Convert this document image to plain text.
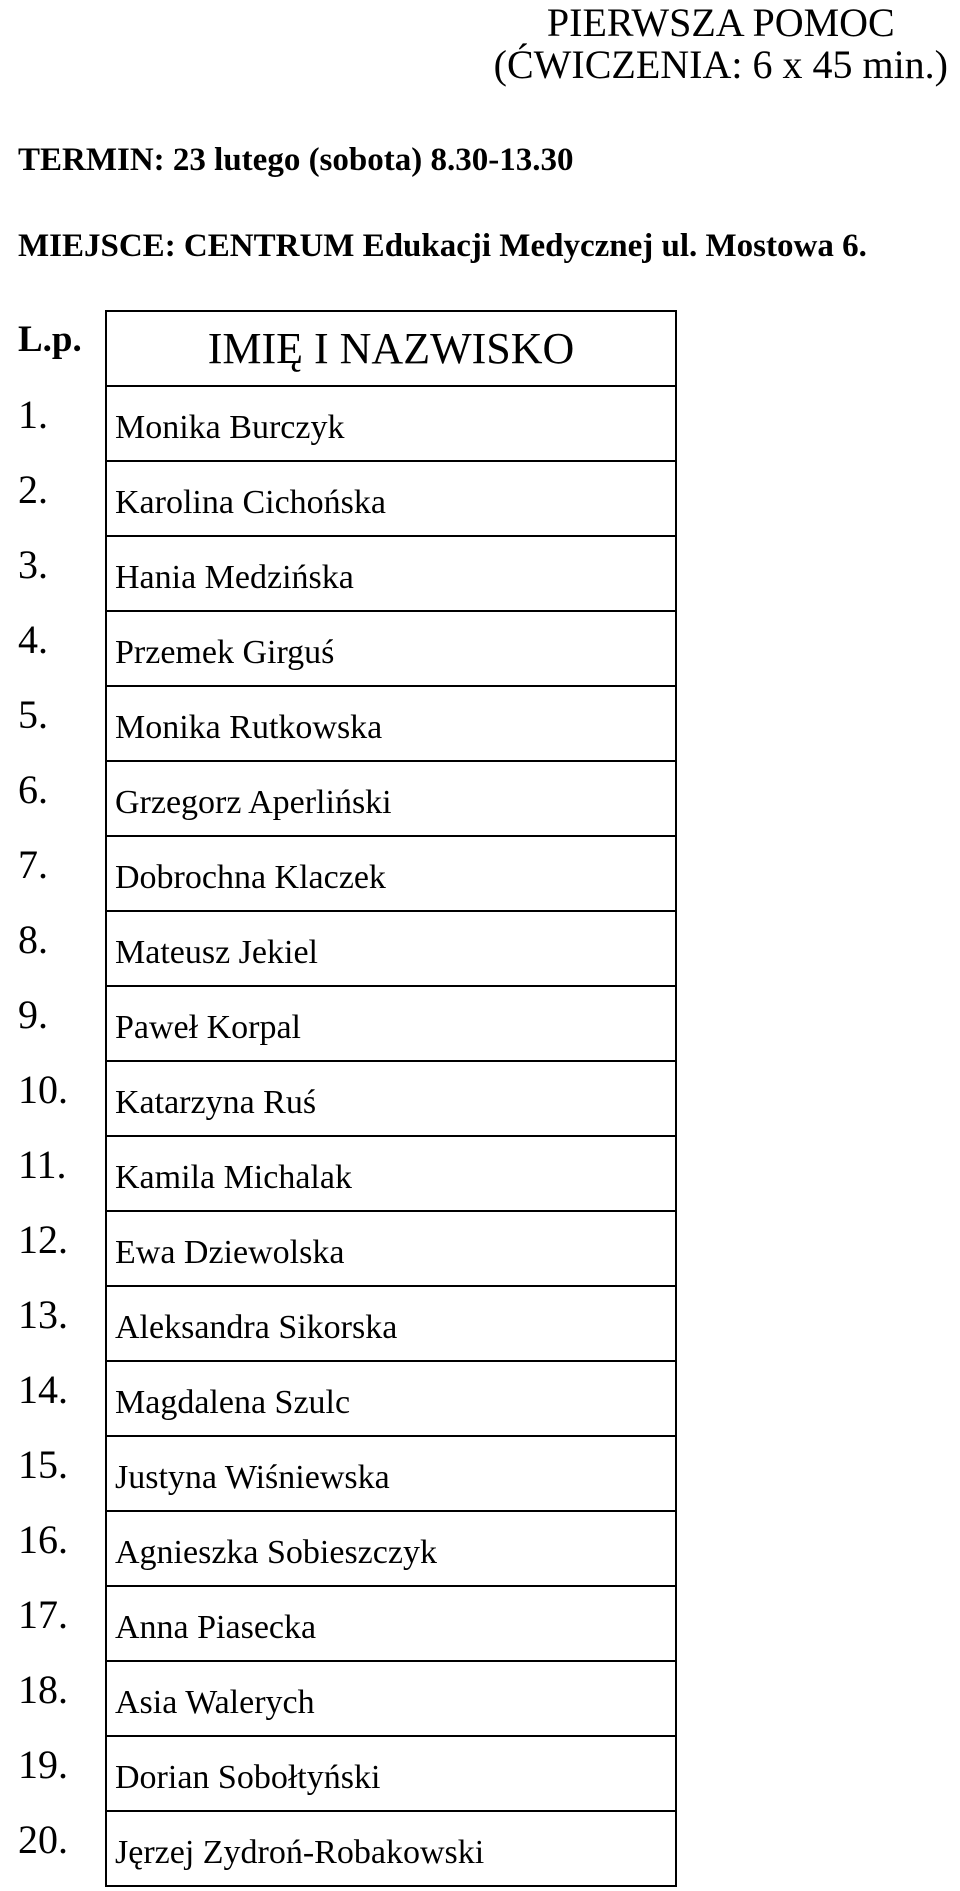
PIERWSZA POMOC
(ĆWICZENIA: 6 x 45 min.)
TERMIN: 23 lutego (sobota) 8.30-13.30
MIEJSCE: CENTRUM Edukacji Medycznej ul. Mostowa 6.
L.p.	IMIĘ I NAZWISKO
1.	Monika Burczyk
2.	Karolina Cichońska
3.	Hania Medzińska
4.	Przemek Girguś
5.	Monika Rutkowska
6.	Grzegorz Aperliński
7.	Dobrochna Klaczek
8.	Mateusz Jekiel
9.	Paweł Korpal
10.	Katarzyna Ruś
11.	Kamila Michalak
12.	Ewa Dziewolska
13.	Aleksandra Sikorska
14.	Magdalena Szulc
15.	Justyna Wiśniewska
16.	Agnieszka Sobieszczyk
17.	Anna Piasecka
18.	Asia Walerych
19.	Dorian Sobołtyński
20.	Jęrzej Zydroń-Robakowski
